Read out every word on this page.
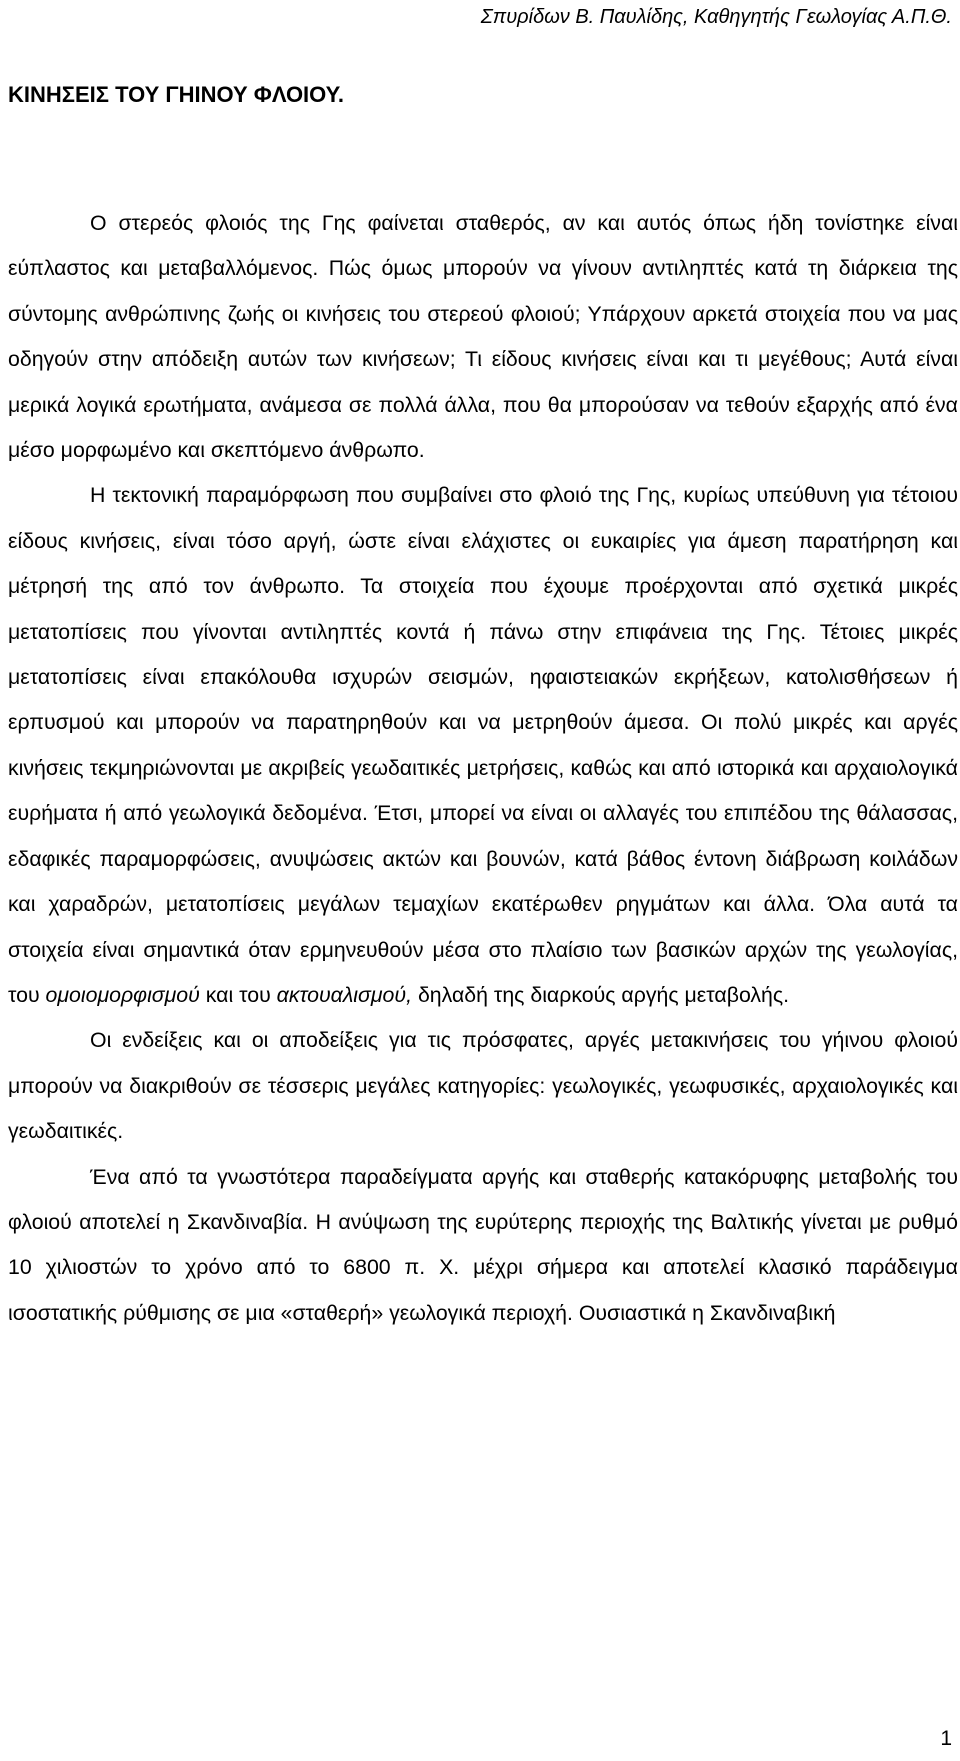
Σπυρίδων Β. Παυλίδης, Καθηγητής Γεωλογίας Α.Π.Θ.
ΚΙΝΗΣΕΙΣ ΤΟΥ ΓΗΙΝΟΥ ΦΛΟΙΟΥ.

Ο στερεός φλοιός της Γης φαίνεται σταθερός, αν και αυτός όπως ήδη τονίστηκε είναι εύπλαστος και μεταβαλλόμενος. Πώς όμως μπορούν να γίνουν αντιληπτές κατά τη διάρκεια της σύντομης ανθρώπινης ζωής οι κινήσεις του στερεού φλοιού; Υπάρχουν αρκετά στοιχεία που να μας οδηγούν στην απόδειξη αυτών των κινήσεων; Τι είδους κινήσεις είναι και τι μεγέθους; Αυτά είναι μερικά λογικά ερωτήματα, ανάμεσα σε πολλά άλλα, που θα μπορούσαν να τεθούν εξαρχής από ένα μέσο μορφωμένο και σκεπτόμενο άνθρωπο.

Η τεκτονική παραμόρφωση που συμβαίνει στο φλοιό της Γης, κυρίως υπεύθυνη για τέτοιου είδους κινήσεις, είναι τόσο αργή, ώστε είναι ελάχιστες οι ευκαιρίες για άμεση παρατήρηση και μέτρησή της από τον άνθρωπο. Τα στοιχεία που έχουμε προέρχονται από σχετικά μικρές μετατοπίσεις που γίνονται αντιληπτές κοντά ή πάνω στην επιφάνεια της Γης. Τέτοιες μικρές μετατοπίσεις είναι επακόλουθα ισχυρών σεισμών, ηφαιστειακών εκρήξεων, κατολισθήσεων ή ερπυσμού και μπορούν να παρατηρηθούν και να μετρηθούν άμεσα. Οι πολύ μικρές και αργές κινήσεις τεκμηριώνονται με ακριβείς γεωδαιτικές μετρήσεις, καθώς και από ιστορικά και αρχαιολογικά ευρήματα ή από γεωλογικά δεδομένα. Έτσι, μπορεί να είναι οι αλλαγές του επιπέδου της θάλασσας, εδαφικές παραμορφώσεις, ανυψώσεις ακτών και βουνών, κατά βάθος έντονη διάβρωση κοιλάδων και χαραδρών, μετατοπίσεις μεγάλων τεμαχίων εκατέρωθεν ρηγμάτων και άλλα. Όλα αυτά τα στοιχεία είναι σημαντικά όταν ερμηνευθούν μέσα στο πλαίσιο των βασικών αρχών της γεωλογίας, του ομοιομορφισμού και του ακτουαλισμού, δηλαδή της διαρκούς αργής μεταβολής.

Οι ενδείξεις και οι αποδείξεις για τις πρόσφατες, αργές μετακινήσεις του γήινου φλοιού μπορούν να διακριθούν σε τέσσερις μεγάλες κατηγορίες: γεωλογικές, γεωφυσικές, αρχαιολογικές και γεωδαιτικές.

Ένα από τα γνωστότερα παραδείγματα αργής και σταθερής κατακόρυφης μεταβολής του φλοιού αποτελεί η Σκανδιναβία. Η ανύψωση της ευρύτερης περιοχής της Βαλτικής γίνεται με ρυθμό 10 χιλιοστών το χρόνο από το 6800 π. Χ. μέχρι σήμερα και αποτελεί κλασικό παράδειγμα ισοστατικής ρύθμισης σε μια «σταθερή» γεωλογικά περιοχή. Ουσιαστικά η Σκανδιναβική

1
